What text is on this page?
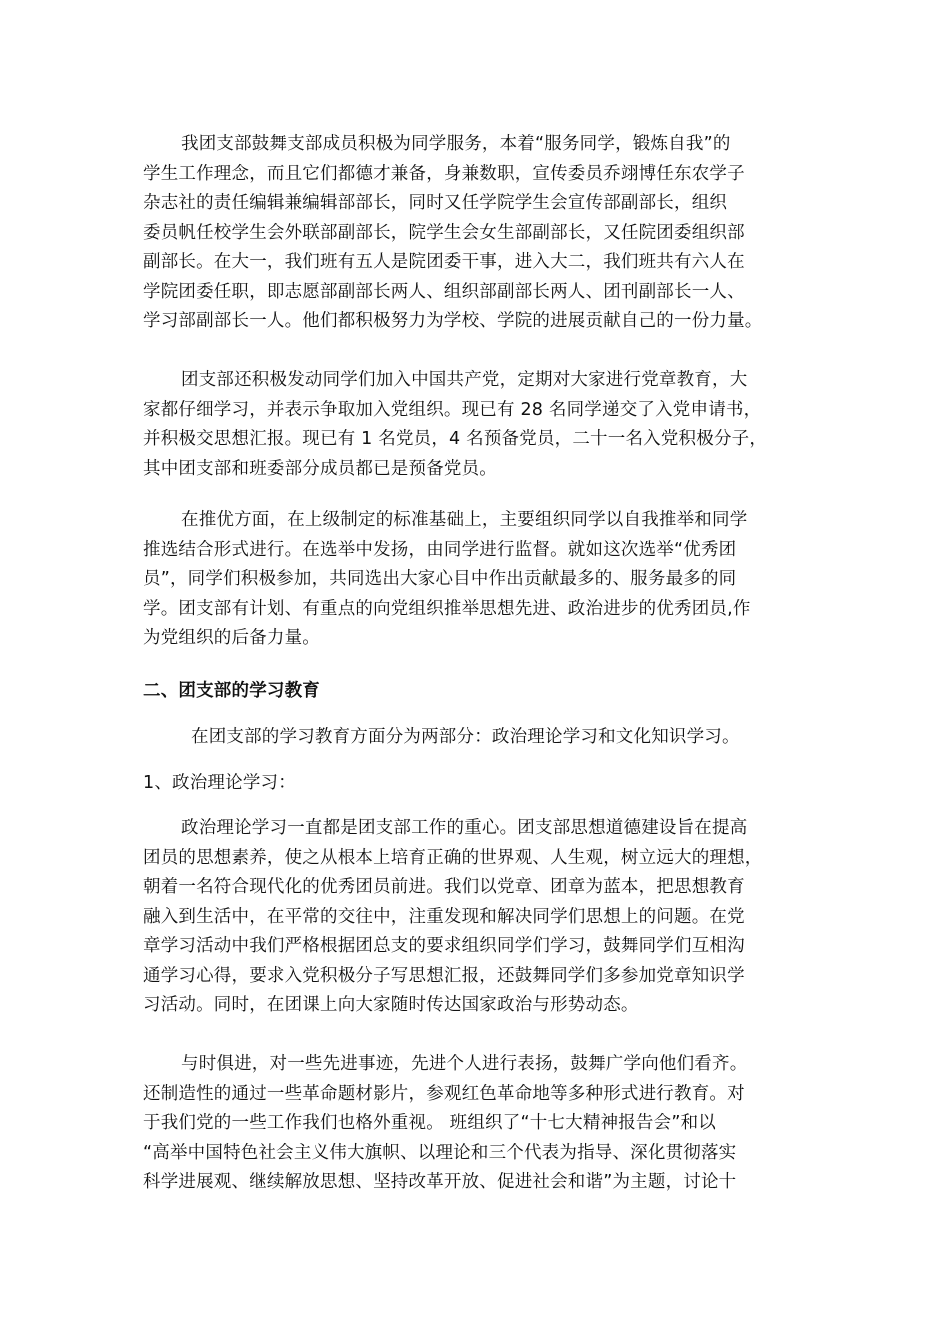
我团支部鼓舞支部成员积极为同学服务，本着“服务同学，锻炼自我”的
学生工作理念，而且它们都德才兼备，身兼数职，宣传委员乔翊博任东农学子
杂志社的责任编辑兼编辑部部长，同时又任学院学生会宣传部副部长，组织
委员帆任校学生会外联部副部长，院学生会女生部副部长，又任院团委组织部
副部长。在大一，我们班有五人是院团委干事，进入大二，我们班共有六人在
学院团委任职，即志愿部副部长两人、组织部副部长两人、团刊副部长一人、
学习部副部长一人。他们都积极努力为学校、学院的进展贡献自己的一份力量。
团支部还积极发动同学们加入中国共产党，定期对大家进行党章教育，大
家都仔细学习，并表示争取加入党组织。现已有 28 名同学递交了入党申请书，
并积极交思想汇报。现已有 1 名党员，4 名预备党员，二十一名入党积极分子，
其中团支部和班委部分成员都已是预备党员。
在推优方面，在上级制定的标准基础上，主要组织同学以自我推举和同学
推选结合形式进行。在选举中发扬，由同学进行监督。就如这次选举“优秀团
员”，同学们积极参加，共同选出大家心目中作出贡献最多的、服务最多的同
学。团支部有计划、有重点的向党组织推举思想先进、政治进步的优秀团员,作
为党组织的后备力量。
二、团支部的学习教育
在团支部的学习教育方面分为两部分：政治理论学习和文化知识学习。
1、政治理论学习：
政治理论学习一直都是团支部工作的重心。团支部思想道德建设旨在提高
团员的思想素养，使之从根本上培育正确的世界观、人生观，树立远大的理想，
朝着一名符合现代化的优秀团员前进。我们以党章、团章为蓝本，把思想教育
融入到生活中，在平常的交往中，注重发现和解决同学们思想上的问题。在党
章学习活动中我们严格根据团总支的要求组织同学们学习，鼓舞同学们互相沟
通学习心得，要求入党积极分子写思想汇报，还鼓舞同学们多参加党章知识学
习活动。同时，在团课上向大家随时传达国家政治与形势动态。
与时俱进，对一些先进事迹，先进个人进行表扬，鼓舞广学向他们看齐。
还制造性的通过一些革命题材影片，参观红色革命地等多种形式进行教育。对
于我们党的一些工作我们也格外重视。 班组织了“十七大精神报告会”和以
“高举中国特色社会主义伟大旗帜、以理论和三个代表为指导、深化贯彻落实
科学进展观、继续解放思想、坚持改革开放、促进社会和谐”为主题，讨论十
